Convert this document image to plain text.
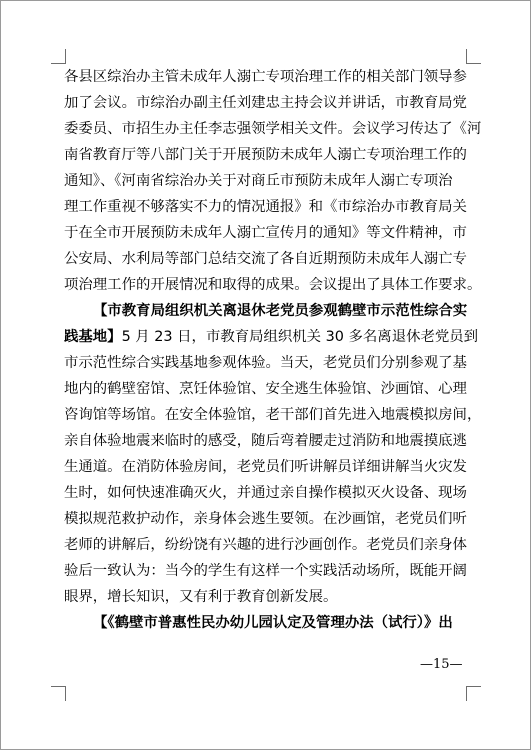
各县区综治办主管未成年人溺亡专项治理工作的相关部门领导参
加了会议。市综治办副主任刘建忠主持会议并讲话，市教育局党
委委员、市招生办主任李志强领学相关文件。会议学习传达了《河
南省教育厅等八部门关于开展预防未成年人溺亡专项治理工作的
通知》、《河南省综治办关于对商丘市预防未成年人溺亡专项治
理工作重视不够落实不力的情况通报》和《市综治办市教育局关
于在全市开展预防未成年人溺亡宣传月的通知》等文件精神，市
公安局、水利局等部门总结交流了各自近期预防未成年人溺亡专
项治理工作的开展情况和取得的成果。会议提出了具体工作要求。
【市教育局组织机关离退休老党员参观鹤壁市示范性综合实
践基地】5 月 23 日，市教育局组织机关 30 多名离退休老党员到
市示范性综合实践基地参观体验。当天，老党员们分别参观了基
地内的鹤壁窑馆、烹饪体验馆、安全逃生体验馆、沙画馆、心理
咨询馆等场馆。在安全体验馆，老干部们首先进入地震模拟房间，
亲自体验地震来临时的感受，随后弯着腰走过消防和地震摸底逃
生通道。在消防体验房间，老党员们听讲解员详细讲解当火灾发
生时，如何快速准确灭火，并通过亲自操作模拟灭火设备、现场
模拟规范救护动作，亲身体会逃生要领。在沙画馆，老党员们听
老师的讲解后，纷纷饶有兴趣的进行沙画创作。老党员们亲身体
验后一致认为：当今的学生有这样一个实践活动场所，既能开阔
眼界，增长知识，又有利于教育创新发展。
【《鹤壁市普惠性民办幼儿园认定及管理办法（试行）》出
—15—
